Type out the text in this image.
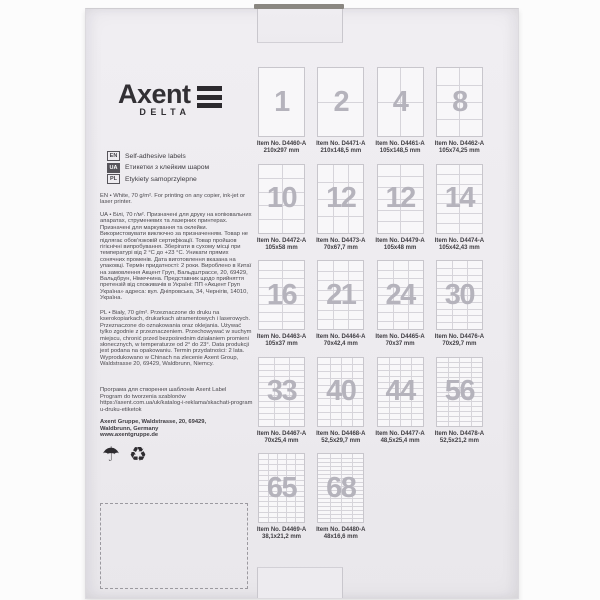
Axent
DELTA
EN	Self-adhesive labels
UA	Етикетки з клейким шаром
PL	Etykiety samoprzylepne
EN • White, 70 g/m². For printing on any copier, ink-jet or laser printer.
UA • Білі, 70 г/м². Призначені для друку на копіювальних апаратах, струменевих та лазерних принтерах. Призначені для маркування та оклейки. Використовувати виключно за призначенням. Товар не підлягає обов'язковій сертифікації. Товар пройшов гігієнічні випробування. Зберігати в сухому місці при температурі від 2 °С до +23 °С. Уникати прямих сонячних променів. Дата виготовлення вказана на упаковці. Термін придатності: 2 роки. Вироблено в Китаї на замовлення Акцент Груп, Вальдштрассе, 20, 69429, Вальдбрун, Німеччина. Представник щодо прийняття претензій від споживачів в Україні: ПП «Акцент Груп Україна» адреса: вул. Дніпровська, 34, Чернігів, 14010, Україна.
PL • Biały, 70 g/m². Przeznaczone do druku na kserokopiarkach, drukarkach atramentowych i laserowych. Przeznaczone do oznakowania oraz oklejania. Używać tylko zgodnie z przeznaczeniem. Przechowywać w suchym miejscu, chronić przed bezpośrednim działaniem promieni słonecznych, w temperaturze od 2° do 23°. Data produkcji jest podana na opakowaniu. Termin przydatności: 2 lata. Wyprodukowano w Chinach na zlecenie Axent Group, Waldstrasse 20, 69429, Waldbrunn, Niemcy.
Програма для створення шаблонів Axent Label
Program do tworzenia szablonów
https://axent.com.ua/uk/katalog-i-reklama/skachati-programu-druku-etiketok
Axent Gruppe, Waldstrasse, 20, 69429,
Waldbrunn, Germany
www.axentgruppe.de
☂ ♻
1
Item No. D4460-A
210x297 mm
2
Item No. D4471-A
210x148,5 mm
4
Item No. D4461-A
105x148,5 mm
8
Item No. D4462-A
105x74,25 mm
10
Item No. D4472-A
105x58 mm
12
Item No. D4473-A
70x67,7 mm
12
Item No. D4479-A
105x48 mm
14
Item No. D4474-A
105x42,43 mm
16
Item No. D4463-A
105x37 mm
21
Item No. D4464-A
70x42,4 mm
24
Item No. D4465-A
70x37 mm
30
Item No. D4476-A
70x29,7 mm
33
Item No. D4467-A
70x25,4 mm
40
Item No. D4468-A
52,5x29,7 mm
44
Item No. D4477-A
48,5x25,4 mm
56
Item No. D4478-A
52,5x21,2 mm
65
Item No. D4469-A
38,1x21,2 mm
68
Item No. D4480-A
48x16,6 mm
